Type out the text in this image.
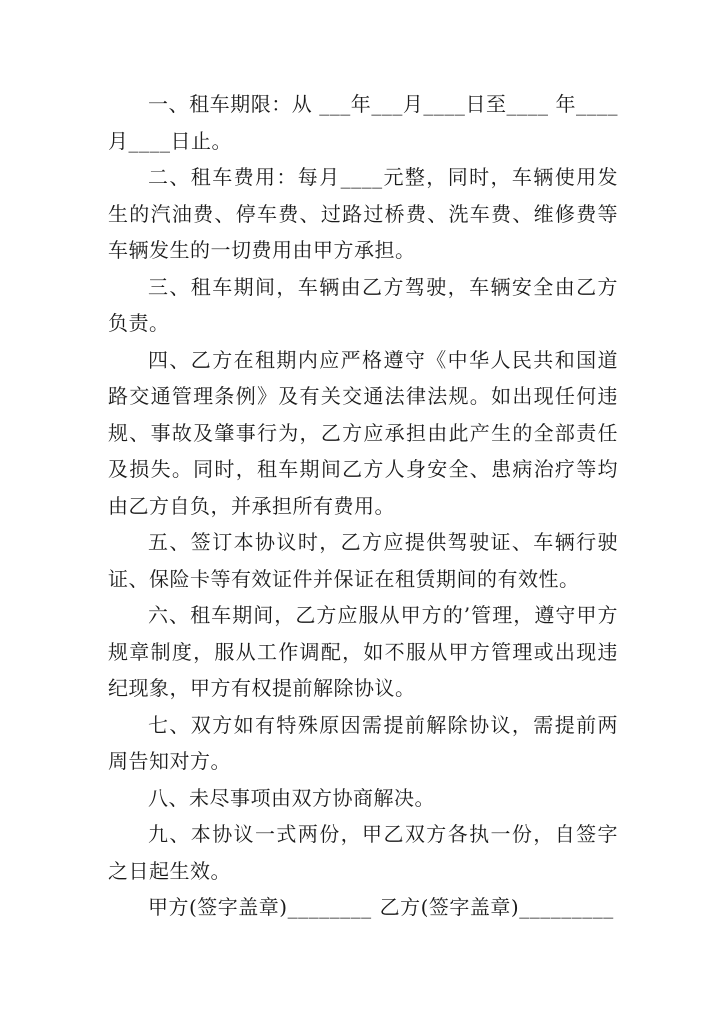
一、租车期限：从 ___年___月____日至____ 年____月____日止。

二、租车费用：每月____元整，同时，车辆使用发生的汽油费、停车费、过路过桥费、洗车费、维修费等车辆发生的一切费用由甲方承担。

三、租车期间，车辆由乙方驾驶，车辆安全由乙方负责。

四、乙方在租期内应严格遵守《中华人民共和国道路交通管理条例》及有关交通法律法规。如出现任何违规、事故及肇事行为，乙方应承担由此产生的全部责任及损失。同时，租车期间乙方人身安全、患病治疗等均由乙方自负，并承担所有费用。

五、签订本协议时，乙方应提供驾驶证、车辆行驶证、保险卡等有效证件并保证在租赁期间的有效性。

六、租车期间，乙方应服从甲方的’管理，遵守甲方规章制度，服从工作调配，如不服从甲方管理或出现违纪现象，甲方有权提前解除协议。

七、双方如有特殊原因需提前解除协议，需提前两周告知对方。

八、未尽事项由双方协商解决。

九、本协议一式两份，甲乙双方各执一份，自签字之日起生效。

甲方(签字盖章)________ 乙方(签字盖章)_________
